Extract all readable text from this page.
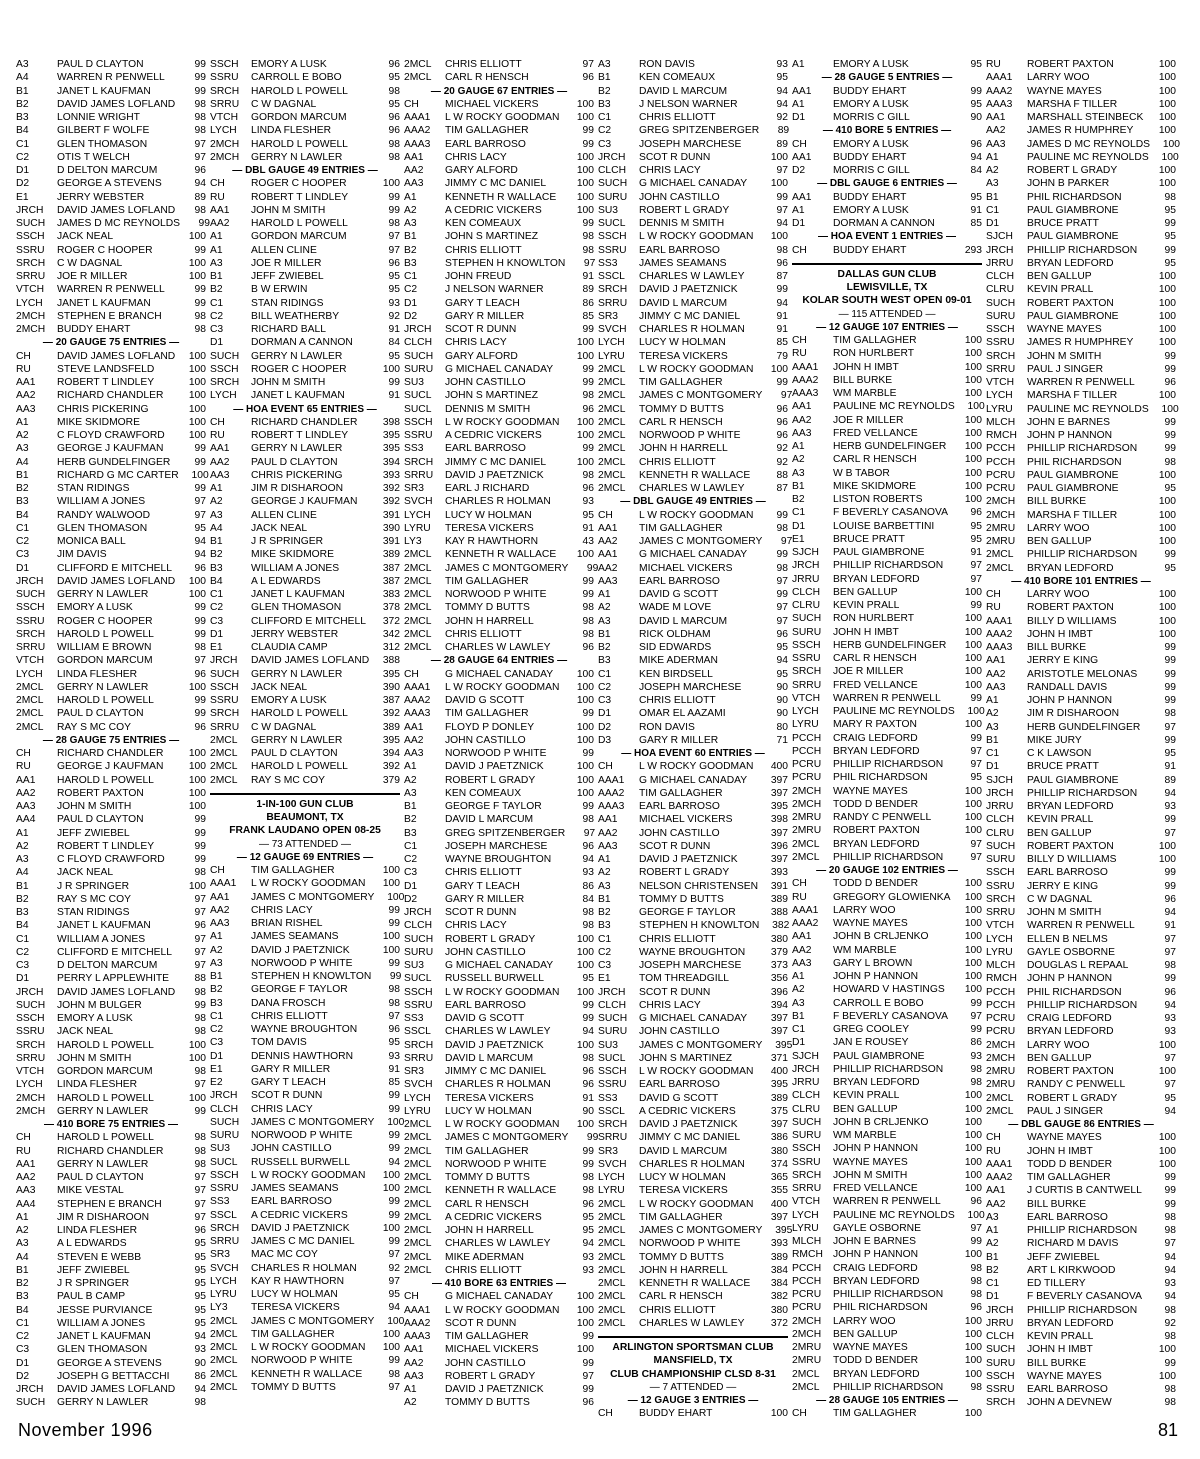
A3	PAUL D CLAYTON	99
A4	WARREN R PENWELL	99
B1	JANET L KAUFMAN	99
B2	DAVID JAMES LOFLAND	98
B3	LONNIE WRIGHT	98
B4	GILBERT F WOLFE	98
C1	GLEN THOMASON	97
C2	OTIS T WELCH	97
D1	D DELTON MARCUM	96
D2	GEORGE A STEVENS	94
E1	JERRY WEBSTER	89
JRCH	DAVID JAMES LOFLAND	98
SUCH	JAMES D MC REYNOLDS	99
SSCH	JACK NEAL	100
SSRU	ROGER C HOOPER	99
SRCH	C W DAGNAL	100
SRRU	JOE R MILLER	100
VTCH	WARREN R PENWELL	99
LYCH	JANET L KAUFMAN	99
2MCH	STEPHEN E BRANCH	98
2MCH	BUDDY EHART	98
— 20 GAUGE 75 ENTRIES —
CH	DAVID JAMES LOFLAND	100
RU	STEVE LANDSFELD	100
AA1	ROBERT T LINDLEY	100
AA2	RICHARD CHANDLER	100
AA3	CHRIS PICKERING	100
A1	MIKE SKIDMORE	100
A2	C FLOYD CRAWFORD	100
A3	GEORGE J KAUFMAN	99
A4	HERB GUNDELFINGER	99
B1	RICHARD G MC CARTER	100
B2	STAN RIDINGS	99
B3	WILLIAM A JONES	97
B4	RANDY WALWOOD	97
C1	GLEN THOMASON	95
C2	MONICA BALL	94
C3	JIM DAVIS	94
D1	CLIFFORD E MITCHELL	96
JRCH	DAVID JAMES LOFLAND	100
SUCH	GERRY N LAWLER	100
SSCH	EMORY A LUSK	99
SSRU	ROGER C HOOPER	99
SRCH	HAROLD L POWELL	99
SRRU	WILLIAM E BROWN	98
VTCH	GORDON MARCUM	97
LYCH	LINDA FLESHER	96
2MCL	GERRY N LAWLER	100
2MCL	HAROLD L POWELL	99
2MCL	PAUL D CLAYTON	99
2MCL	RAY S MC COY	96
— 28 GAUGE 75 ENTRIES —
CH	RICHARD CHANDLER	100
RU	GEORGE J KAUFMAN	100
AA1	HAROLD L POWELL	100
AA2	ROBERT PAXTON	100
AA3	JOHN M SMITH	100
AA4	PAUL D CLAYTON	99
A1	JEFF ZWIEBEL	99
A2	ROBERT T LINDLEY	99
A3	C FLOYD CRAWFORD	99
A4	JACK NEAL	98
B1	J R SPRINGER	100
B2	RAY S MC COY	97
B3	STAN RIDINGS	97
B4	JANET L KAUFMAN	96
C1	WILLIAM A JONES	97
C2	CLIFFORD E MITCHELL	97
C3	D DELTON MARCUM	97
D1	PERRY L APPLEWHITE	88
JRCH	DAVID JAMES LOFLAND	98
SUCH	JOHN M BULGER	99
SSCH	EMORY A LUSK	98
SSRU	JACK NEAL	98
SRCH	HAROLD L POWELL	100
SRRU	JOHN M SMITH	100
VTCH	GORDON MARCUM	98
LYCH	LINDA FLESHER	97
2MCH	HAROLD L POWELL	100
2MCH	GERRY N LAWLER	99
— 410 BORE 75 ENTRIES —
CH	HAROLD L POWELL	98
RU	RICHARD CHANDLER	98
AA1	GERRY N LAWLER	98
AA2	PAUL D CLAYTON	97
AA3	MIKE VESTAL	97
AA4	STEPHEN E BRANCH	97
A1	JIM R DISHAROON	97
A2	LINDA FLESHER	96
A3	A L EDWARDS	95
A4	STEVEN E WEBB	95
B1	JEFF ZWIEBEL	95
B2	J R SPRINGER	95
B3	PAUL B CAMP	95
B4	JESSE PURVIANCE	95
C1	WILLIAM A JONES	95
C2	JANET L KAUFMAN	94
C3	GLEN THOMASON	93
D1	GEORGE A STEVENS	90
D2	JOSEPH G BETTACCHI	86
JRCH	DAVID JAMES LOFLAND	94
SUCH	GERRY N LAWLER	98
SSCH	EMORY A LUSK	96
SSRU	CARROLL E BOBO	95
SRCH	HAROLD L POWELL	98
SRRU	C W DAGNAL	95
VTCH	GORDON MARCUM	96
LYCH	LINDA FLESHER	96
2MCH	HAROLD L POWELL	98
2MCH	GERRY N LAWLER	98
— DBL GAUGE 49 ENTRIES —
CH	ROGER C HOOPER	100
RU	ROBERT T LINDLEY	99
AA1	JOHN M SMITH	99
AA2	HAROLD L POWELL	98
A1	GORDON MARCUM	97
A1	ALLEN CLINE	97
A3	JOE R MILLER	96
B1	JEFF ZWIEBEL	95
B2	B W ERWIN	95
C1	STAN RIDINGS	93
C2	BILL WEATHERBY	92
C3	RICHARD BALL	91
D1	DORMAN A CANNON	84
SUCH	GERRY N LAWLER	95
SSCH	ROGER C HOOPER	100
SRCH	JOHN M SMITH	99
LYCH	JANET L KAUFMAN	91
— HOA EVENT 65 ENTRIES —
CH	RICHARD CHANDLER	398
RU	ROBERT T LINDLEY	395
AA1	GERRY N LAWLER	395
AA2	PAUL D CLAYTON	394
AA3	CHRIS PICKERING	393
A1	JIM R DISHAROON	392
A2	GEORGE J KAUFMAN	392
A3	ALLEN CLINE	391
A4	JACK NEAL	390
B1	J R SPRINGER	391
B2	MIKE SKIDMORE	389
B3	WILLIAM A JONES	387
B4	A L EDWARDS	387
C1	JANET L KAUFMAN	383
C2	GLEN THOMASON	378
C3	CLIFFORD E MITCHELL	372
D1	JERRY WEBSTER	342
E1	CLAUDIA CAMP	312
JRCH	DAVID JAMES LOFLAND	388
SUCH	GERRY N LAWLER	395
SSCH	JACK NEAL	390
SSRU	EMORY A LUSK	387
SRCH	HAROLD L POWELL	392
SRRU	C W DAGNAL	389
2MCL	GERRY N LAWLER	395
2MCL	PAUL D CLAYTON	394
2MCL	HAROLD L POWELL	392
2MCL	RAY S MC COY	379
1-IN-100 GUN CLUB
BEAUMONT, TX
FRANK LAUDANO OPEN 08-25
— 73 ATTENDED —
— 12 GAUGE 69 ENTRIES —
CH	TIM GALLAGHER	100
AAA1	L W ROCKY GOODMAN	100
AA1	JAMES C MONTGOMERY	100
AA2	CHRIS LACY	99
AA3	BRIAN RISHEL	99
A1	JAMES SEAMANS	100
A2	DAVID J PAETZNICK	100
A3	NORWOOD P WHITE	99
B1	STEPHEN H KNOWLTON	99
B2	GEORGE F TAYLOR	98
B3	DANA FROSCH	98
C1	CHRIS ELLIOTT	97
C2	WAYNE BROUGHTON	96
C3	TOM DAVIS	95
D1	DENNIS HAWTHORN	93
E1	GARY R MILLER	91
E2	GARY T LEACH	85
JRCH	SCOT R DUNN	99
CLCH	CHRIS LACY	99
SUCH	JAMES C MONTGOMERY	100
SURU	NORWOOD P WHITE	99
SU3	JOHN CASTILLO	99
SUCL	RUSSELL BURWELL	94
SSCH	L W ROCKY GOODMAN	100
SSRU	JAMES SEAMANS	100
SS3	EARL BARROSO	99
SSCL	A CEDRIC VICKERS	99
SRCH	DAVID J PAETZNICK	100
SRRU	JAMES C MC DANIEL	99
SR3	MAC MC COY	97
SVCH	CHARLES R HOLMAN	92
LYCH	KAY R HAWTHORN	97
LYRU	LUCY W HOLMAN	95
LY3	TERESA VICKERS	94
2MCL	JAMES C MONTGOMERY	100
2MCL	TIM GALLAGHER	100
2MCL	L W ROCKY GOODMAN	100
2MCL	NORWOOD P WHITE	99
2MCL	KENNETH R WALLACE	98
2MCL	TOMMY D BUTTS	97
2MCL	CHRIS ELLIOTT	97
2MCL	CARL R HENSCH	96
— 20 GAUGE 67 ENTRIES —
CH	MICHAEL VICKERS	100
AAA1	L W ROCKY GOODMAN	100
AAA2	TIM GALLAGHER	99
AAA3	EARL BARROSO	99
AA1	CHRIS LACY	100
AA2	GARY ALFORD	100
AA3	JIMMY C MC DANIEL	100
A1	KENNETH R WALLACE	100
A2	A CEDRIC VICKERS	100
A3	KEN COMEAUX	99
B1	JOHN S MARTINEZ	98
B2	CHRIS ELLIOTT	98
B3	STEPHEN H KNOWLTON	97
C1	JOHN FREUD	91
C2	J NELSON WARNER	89
D1	GARY T LEACH	86
D2	GARY R MILLER	85
JRCH	SCOT R DUNN	99
CLCH	CHRIS LACY	100
SUCH	GARY ALFORD	100
SURU	G MICHAEL CANADAY	99
SU3	JOHN CASTILLO	99
SUCL	JOHN S MARTINEZ	98
SUCL	DENNIS M SMITH	96
SSCH	L W ROCKY GOODMAN	100
SSRU	A CEDRIC VICKERS	100
SS3	EARL BARROSO	99
SRCH	JIMMY C MC DANIEL	100
SRRU	DAVID J PAETZNICK	98
SR3	EARL J RICHARD	96
SVCH	CHARLES R HOLMAN	93
LYCH	LUCY W HOLMAN	95
LYRU	TERESA VICKERS	91
LY3	KAY R HAWTHORN	43
2MCL	KENNETH R WALLACE	100
2MCL	JAMES C MONTGOMERY	99
2MCL	TIM GALLAGHER	99
2MCL	NORWOOD P WHITE	99
2MCL	TOMMY D BUTTS	98
2MCL	JOHN H HARRELL	98
2MCL	CHRIS ELLIOTT	98
2MCL	CHARLES W LAWLEY	96
— 28 GAUGE 64 ENTRIES —
CH	G MICHAEL CANADAY	100
AAA1	L W ROCKY GOODMAN	100
AAA2	DAVID G SCOTT	100
AAA3	TIM GALLAGHER	99
AA1	FLOYD P DONLEY	100
AA2	JOHN CASTILLO	100
AA3	NORWOOD P WHITE	99
A1	DAVID J PAETZNICK	100
A2	ROBERT L GRADY	100
A3	KEN COMEAUX	100
B1	GEORGE F TAYLOR	99
B2	DAVID L MARCUM	98
B3	GREG SPITZENBERGER	97
C1	JOSEPH MARCHESE	96
C2	WAYNE BROUGHTON	94
C3	CHRIS ELLIOTT	93
D1	GARY T LEACH	86
D2	GARY R MILLER	84
JRCH	SCOT R DUNN	98
CLCH	CHRIS LACY	98
SUCH	ROBERT L GRADY	100
SURU	JOHN CASTILLO	100
SU3	G MICHAEL CANADAY	100
SUCL	RUSSELL BURWELL	95
SSCH	L W ROCKY GOODMAN	100
SSRU	EARL BARROSO	99
SS3	DAVID G SCOTT	99
SSCL	CHARLES W LAWLEY	94
SRCH	DAVID J PAETZNICK	100
SRRU	DAVID L MARCUM	98
SR3	JIMMY C MC DANIEL	96
SVCH	CHARLES R HOLMAN	96
LYCH	TERESA VICKERS	91
LYRU	LUCY W HOLMAN	90
2MCL	L W ROCKY GOODMAN	100
2MCL	JAMES C MONTGOMERY	99
2MCL	TIM GALLAGHER	99
2MCL	NORWOOD P WHITE	99
2MCL	TOMMY D BUTTS	98
2MCL	KENNETH R WALLACE	98
2MCL	CARL R HENSCH	96
2MCL	A CEDRIC VICKERS	95
2MCL	JOHN H HARRELL	95
2MCL	CHARLES W LAWLEY	94
2MCL	MIKE ADERMAN	93
2MCL	CHRIS ELLIOTT	93
— 410 BORE 63 ENTRIES —
CH	G MICHAEL CANADAY	100
AAA1	L W ROCKY GOODMAN	100
AAA2	SCOT R DUNN	100
AAA3	TIM GALLAGHER	99
AA1	MICHAEL VICKERS	100
AA2	JOHN CASTILLO	99
AA3	ROBERT L GRADY	97
A1	DAVID J PAETZNICK	99
A2	TOMMY D BUTTS	96
A3	RON DAVIS	93
B1	KEN COMEAUX	95
B2	DAVID L MARCUM	94
B3	J NELSON WARNER	94
C1	CHRIS ELLIOTT	92
C2	GREG SPITZENBERGER	89
C3	JOSEPH MARCHESE	89
JRCH	SCOT R DUNN	100
CLCH	CHRIS LACY	97
SUCH	G MICHAEL CANADAY	100
SURU	JOHN CASTILLO	99
SU3	ROBERT L GRADY	97
SUCL	DENNIS M SMITH	94
SSCH	L W ROCKY GOODMAN	100
SSRU	EARL BARROSO	98
SS3	JAMES SEAMANS	96
SSCL	CHARLES W LAWLEY	87
SRCH	DAVID J PAETZNICK	99
SRRU	DAVID L MARCUM	94
SR3	JIMMY C MC DANIEL	91
SVCH	CHARLES R HOLMAN	91
LYCH	LUCY W HOLMAN	85
LYRU	TERESA VICKERS	79
2MCL	L W ROCKY GOODMAN	100
2MCL	TIM GALLAGHER	99
2MCL	JAMES C MONTGOMERY	97
2MCL	TOMMY D BUTTS	96
2MCL	CARL R HENSCH	96
2MCL	NORWOOD P WHITE	96
2MCL	JOHN H HARRELL	92
2MCL	CHRIS ELLIOTT	92
2MCL	KENNETH R WALLACE	88
2MCL	CHARLES W LAWLEY	87
— DBL GAUGE 49 ENTRIES —
CH	L W ROCKY GOODMAN	99
AA1	TIM GALLAGHER	98
AA2	JAMES C MONTGOMERY	97
AA1	G MICHAEL CANADAY	99
AA2	MICHAEL VICKERS	98
AA3	EARL BARROSO	97
A1	DAVID G SCOTT	99
A2	WADE M LOVE	97
A3	DAVID L MARCUM	97
B1	RICK OLDHAM	96
B2	SID EDWARDS	95
B3	MIKE ADERMAN	94
C1	KEN BIRDSELL	95
C2	JOSEPH MARCHESE	90
C3	CHRIS ELLIOTT	90
D1	OMAR EL AAZAMI	90
D2	RON DAVIS	80
D3	GARY R MILLER	71
— HOA EVENT 60 ENTRIES —
CH	L W ROCKY GOODMAN	400
AAA1	G MICHAEL CANADAY	397
AAA2	TIM GALLAGHER	397
AAA3	EARL BARROSO	395
AA1	MICHAEL VICKERS	398
AA2	JOHN CASTILLO	397
AA3	SCOT R DUNN	396
A1	DAVID J PAETZNICK	397
A2	ROBERT L GRADY	393
A3	NELSON CHRISTENSEN	391
B1	TOMMY D BUTTS	389
B2	GEORGE F TAYLOR	388
B3	STEPHEN H KNOWLTON	382
C1	CHRIS ELLIOTT	380
C2	WAYNE BROUGHTON	379
C3	JOSEPH MARCHESE	373
E1	TOM THREADGILL	356
JRCH	SCOT R DUNN	396
CLCH	CHRIS LACY	394
SUCH	G MICHAEL CANADAY	397
SURU	JOHN CASTILLO	397
SU3	JAMES C MONTGOMERY	395
SUCL	JOHN S MARTINEZ	371
SSCH	L W ROCKY GOODMAN	400
SSRU	EARL BARROSO	395
SS3	DAVID G SCOTT	389
SSCL	A CEDRIC VICKERS	375
SRCH	DAVID J PAETZNICK	397
SRRU	JIMMY C MC DANIEL	386
SR3	DAVID L MARCUM	380
SVCH	CHARLES R HOLMAN	374
LYCH	LUCY W HOLMAN	365
LYRU	TERESA VICKERS	355
2MCL	L W ROCKY GOODMAN	400
2MCL	TIM GALLAGHER	397
2MCL	JAMES C MONTGOMERY	395
2MCL	NORWOOD P WHITE	393
2MCL	TOMMY D BUTTS	389
2MCL	JOHN H HARRELL	384
2MCL	KENNETH R WALLACE	384
2MCL	CARL R HENSCH	382
2MCL	CHRIS ELLIOTT	380
2MCL	CHARLES W LAWLEY	372
ARLINGTON SPORTSMAN CLUB
MANSFIELD, TX
CLUB CHAMPIONSHIP CLSD 8-31
— 7 ATTENDED —
— 12 GAUGE 3 ENTRIES —
CH	BUDDY EHART	100
A1	EMORY A LUSK	95
— 28 GAUGE 5 ENTRIES —
AA1	BUDDY EHART	99
A1	EMORY A LUSK	95
D1	MORRIS C GILL	90
— 410 BORE 5 ENTRIES —
CH	EMORY A LUSK	96
AA1	BUDDY EHART	94
D2	MORRIS C GILL	84
— DBL GAUGE 6 ENTRIES —
AA1	BUDDY EHART	95
A1	EMORY A LUSK	91
D1	DORMAN A CANNON	85
— HOA EVENT 1 ENTRIES —
CH	BUDDY EHART	293
DALLAS GUN CLUB
LEWISVILLE, TX
KOLAR SOUTH WEST OPEN 09-01
— 115 ATTENDED —
— 12 GAUGE 107 ENTRIES —
CH	TIM GALLAGHER	100
RU	RON HURLBERT	100
AAA1	JOHN H IMBT	100
AAA2	BILL BURKE	100
AAA3	WM MARBLE	100
AA1	PAULINE MC REYNOLDS	100
AA2	JOE R MILLER	100
AA3	FRED VELLANCE	100
A1	HERB GUNDELFINGER	100
A2	CARL R HENSCH	100
A3	W B TABOR	100
B1	MIKE SKIDMORE	100
B2	LISTON ROBERTS	100
C1	F BEVERLY CASANOVA	96
D1	LOUISE BARBETTINI	95
E1	BRUCE PRATT	95
SJCH	PAUL GIAMBRONE	91
JRCH	PHILLIP RICHARDSON	97
JRRU	BRYAN LEDFORD	97
CLCH	BEN GALLUP	100
CLRU	KEVIN PRALL	99
SUCH	RON HURLBERT	100
SURU	JOHN H IMBT	100
SSCH	HERB GUNDELFINGER	100
SSRU	CARL R HENSCH	100
SRCH	JOE R MILLER	100
SRRU	FRED VELLANCE	100
VTCH	WARREN R PENWELL	99
LYCH	PAULINE MC REYNOLDS	100
LYRU	MARY R PAXTON	100
PCCH	CRAIG LEDFORD	99
PCCH	BRYAN LEDFORD	97
PCRU	PHILLIP RICHARDSON	97
PCRU	PHIL RICHARDSON	95
2MCH	WAYNE MAYES	100
2MCH	TODD D BENDER	100
2MRU	RANDY C PENWELL	100
2MRU	ROBERT PAXTON	100
2MCL	BRYAN LEDFORD	97
2MCL	PHILLIP RICHARDSON	97
— 20 GAUGE 102 ENTRIES —
CH	TODD D BENDER	100
RU	GREGORY GLOWIENKA	100
AAA1	LARRY WOO	100
AAA2	WAYNE MAYES	100
AA1	JOHN B CRLJENKO	100
AA2	WM MARBLE	100
AA3	GARY L BROWN	100
A1	JOHN P HANNON	100
A2	HOWARD V HASTINGS	100
A3	CARROLL E BOBO	99
B1	F BEVERLY CASANOVA	97
C1	GREG COOLEY	99
D1	JAN E ROUSEY	86
SJCH	PAUL GIAMBRONE	93
JRCH	PHILLIP RICHARDSON	98
JRRU	BRYAN LEDFORD	98
CLCH	KEVIN PRALL	100
CLRU	BEN GALLUP	100
SUCH	JOHN B CRLJENKO	100
SURU	WM MARBLE	100
SSCH	JOHN P HANNON	100
SSRU	WAYNE MAYES	100
SRCH	JOHN M SMITH	100
SRRU	FRED VELLANCE	100
VTCH	WARREN R PENWELL	96
LYCH	PAULINE MC REYNOLDS	100
LYRU	GAYLE OSBORNE	97
MLCH	JOHN E BARNES	99
RMCH JOHN P HANNON	100
PCCH	CRAIG LEDFORD	98
PCCH	BRYAN LEDFORD	98
PCRU	PHILLIP RICHARDSON	98
PCRU	PHIL RICHARDSON	96
2MCH	LARRY WOO	100
2MCH	BEN GALLUP	100
2MRU	WAYNE MAYES	100
2MRU	TODD D BENDER	100
2MCL	BRYAN LEDFORD	100
2MCL	PHILLIP RICHARDSON	98
— 28 GAUGE 105 ENTRIES —
CH	TIM GALLAGHER	100
RU	ROBERT PAXTON	100
AAA1	LARRY WOO	100
AAA2	WAYNE MAYES	100
AAA3	MARSHA F TILLER	100
AA1	MARSHALL STEINBECK	100
AA2	JAMES R HUMPHREY	100
AA3	JAMES D MC REYNOLDS	100
A1	PAULINE MC REYNOLDS	100
A2	ROBERT L GRADY	100
A3	JOHN B PARKER	100
B1	PHIL RICHARDSON	98
C1	PAUL GIAMBRONE	95
D1	BRUCE PRATT	99
SJCH	PAUL GIAMBRONE	95
JRCH	PHILLIP RICHARDSON	99
JRRU	BRYAN LEDFORD	95
CLCH	BEN GALLUP	100
CLRU	KEVIN PRALL	100
SUCH	ROBERT PAXTON	100
SURU	PAUL GIAMBRONE	100
SSCH	WAYNE MAYES	100
SSRU	JAMES R HUMPHREY	100
SRCH	JOHN M SMITH	99
SRRU	PAUL J SINGER	99
VTCH	WARREN R PENWELL	96
LYCH	MARSHA F TILLER	100
LYRU	PAULINE MC REYNOLDS	100
MLCH	JOHN E BARNES	99
RMCH JOHN P HANNON	99
PCCH	PHILLIP RICHARDSON	99
PCCH	PHIL RICHARDSON	98
PCRU	PAUL GIAMBRONE	100
PCRU	PAUL GIAMBRONE	95
2MCH	BILL BURKE	100
2MCH	MARSHA F TILLER	100
2MRU	LARRY WOO	100
2MRU	BEN GALLUP	100
2MCL	PHILLIP RICHARDSON	99
2MCL	BRYAN LEDFORD	95
— 410 BORE 101 ENTRIES —
CH	LARRY WOO	100
RU	ROBERT PAXTON	100
AAA1	BILLY D WILLIAMS	100
AAA2	JOHN H IMBT	100
AAA3	BILL BURKE	99
AA1	JERRY E KING	99
AA2	ARISTOTLE MELONAS	99
AA3	RANDALL DAVIS	99
A1	JOHN P HANNON	99
A2	JIM R DISHAROON	98
A3	HERB GUNDELFINGER	97
B1	MIKE JURY	99
C1	C K LAWSON	95
D1	BRUCE PRATT	91
SJCH	PAUL GIAMBRONE	89
JRCH	PHILLIP RICHARDSON	94
JRRU	BRYAN LEDFORD	93
CLCH	KEVIN PRALL	99
CLRU	BEN GALLUP	97
SUCH	ROBERT PAXTON	100
SURU	BILLY D WILLIAMS	100
SSCH	EARL BARROSO	99
SSRU	JERRY E KING	99
SRCH	C W DAGNAL	96
SRRU	JOHN M SMITH	94
VTCH	WARREN R PENWELL	91
LYCH	ELLEN B NELMS	97
LYRU	GAYLE OSBORNE	97
MLCH	DOUGLAS L REPAAL	98
RMCH JOHN P HANNON	99
PCCH	PHIL RICHARDSON	96
PCCH	PHILLIP RICHARDSON	94
PCRU	CRAIG LEDFORD	93
PCRU	BRYAN LEDFORD	93
2MCH	LARRY WOO	100
2MCH	BEN GALLUP	97
2MRU	ROBERT PAXTON	100
2MRU	RANDY C PENWELL	97
2MCL	ROBERT L GRADY	95
2MCL	PAUL J SINGER	94
— DBL GAUGE 86 ENTRIES —
CH	WAYNE MAYES	100
RU	JOHN H IMBT	100
AAA1	TODD D BENDER	100
AAA2	TIM GALLAGHER	99
AA1	J CURTIS B CANTWELL	99
AA2	BILL BURKE	99
A3	EARL BARROSO	98
A1	PHILLIP RICHARDSON	98
A2	RICHARD M DAVIS	97
B1	JEFF ZWIEBEL	94
B2	ART L KIRKWOOD	94
C1	ED TILLERY	93
D1	F BEVERLY CASANOVA	94
JRCH	PHILLIP RICHARDSON	98
JRRU	BRYAN LEDFORD	92
CLCH	KEVIN PRALL	98
SUCH	JOHN H IMBT	100
SURU	BILL BURKE	99
SSCH	WAYNE MAYES	100
SSRU	EARL BARROSO	98
SRCH	JOHN A DEVNEW	98
November 1996	81
